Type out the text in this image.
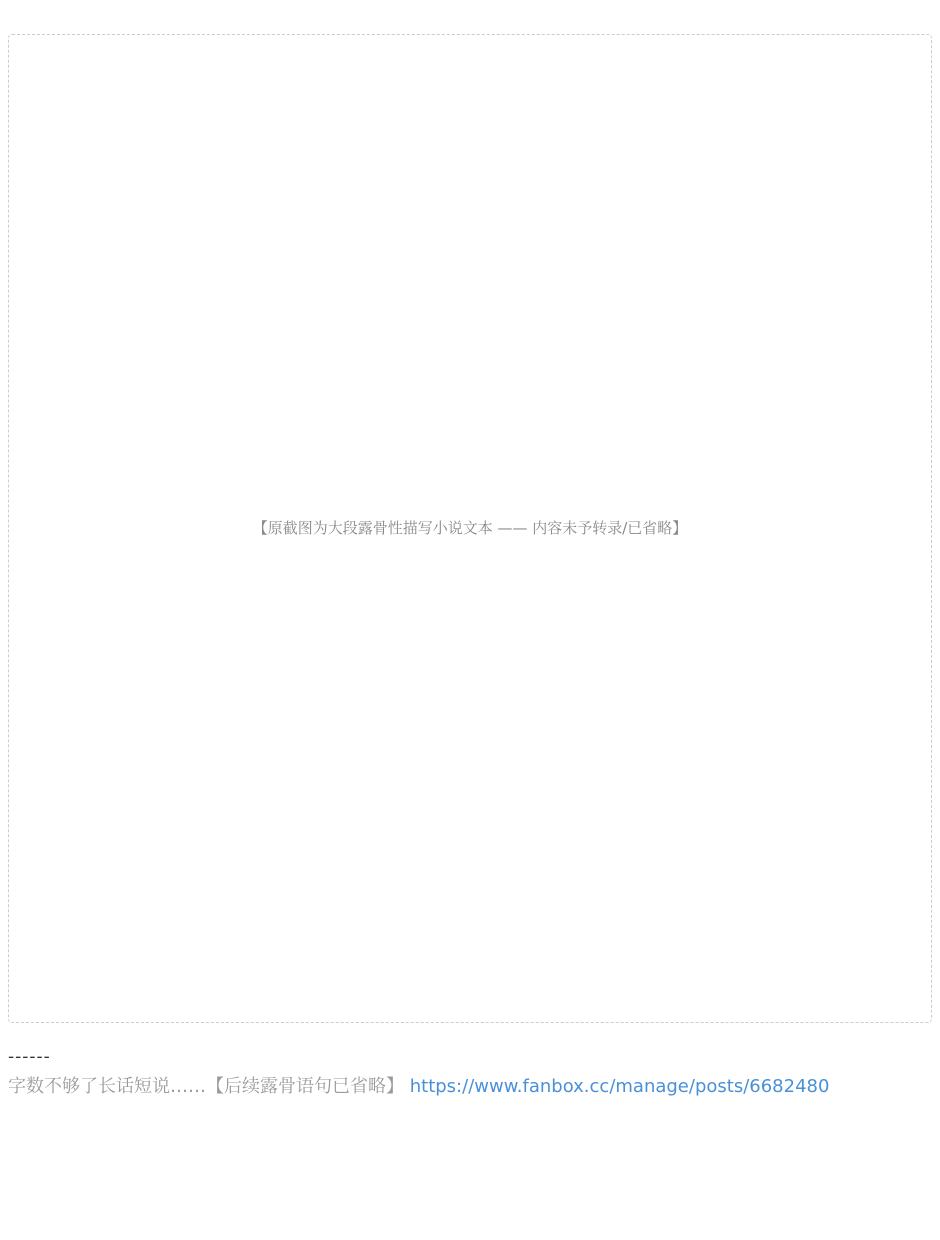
【原截图为大段露骨性描写小说文本 —— 内容未予转录/已省略】
------
字数不够了长话短说……【后续露骨语句已省略】 https://www.fanbox.cc/manage/posts/6682480
